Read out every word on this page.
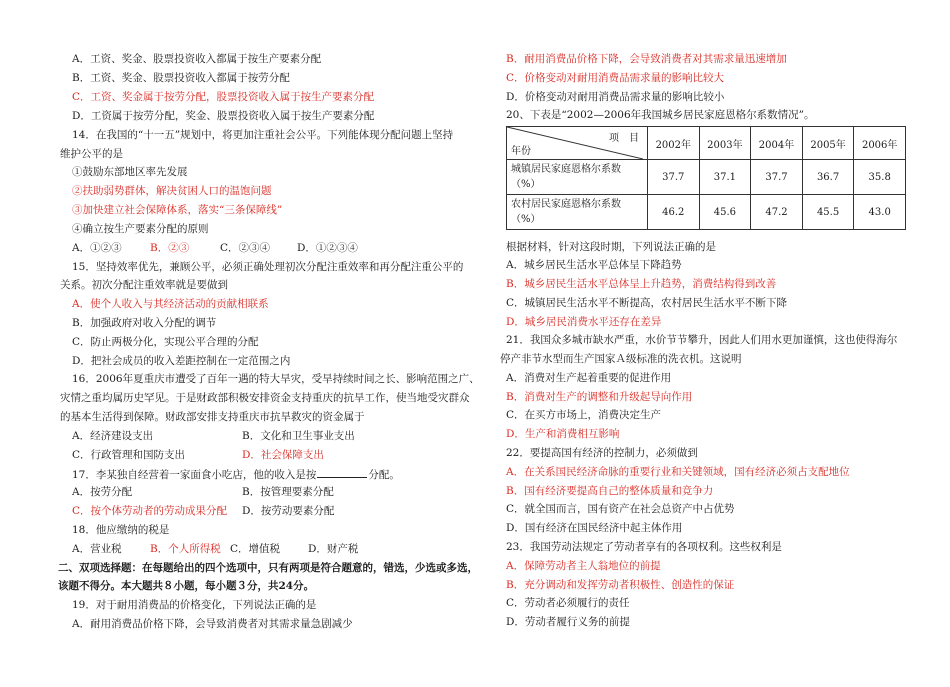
A．工资、奖金、股票投资收入都属于按生产要素分配
B．工资、奖金、股票投资收入都属于按劳分配
C．工资、奖金属于按劳分配，股票投资收入属于按生产要素分配
D．工资属于按劳分配，奖金、股票投资收入属于按生产要素分配
14．在我国的“十一五”规划中，将更加注重社会公平。下列能体现分配问题上坚持
维护公平的是
①鼓励东部地区率先发展
②扶助弱势群体，解决贫困人口的温饱问题
③加快建立社会保障体系，落实“三条保障线”
④确立按生产要素分配的原则
A．①②③	B．②③	C．②③④	D．①②③④
15．坚持效率优先，兼顾公平，必须正确处理初次分配注重效率和再分配注重公平的
关系。初次分配注重效率就是要做到
A．使个人收入与其经济活动的贡献相联系
B．加强政府对收入分配的调节
C．防止两极分化，实现公平合理的分配
D．把社会成员的收入差距控制在一定范围之内
16．2006年夏重庆市遭受了百年一遇的特大旱灾，受旱持续时间之长、影响范围之广、
灾情之重均属历史罕见。于是财政部积极安排资金支持重庆的抗旱工作，使当地受灾群众
的基本生活得到保障。财政部安排支持重庆市抗旱救灾的资金属于
A．经济建设支出	B．文化和卫生事业支出
C．行政管理和国防支出	D．社会保障支出
17．李某独自经营着一家面食小吃店，他的收入是按	分配。
A．按劳分配	B．按管理要素分配
C．按个体劳动者的劳动成果分配 D．按劳动要素分配
18．他应缴纳的税是
A．营业税	B．个人所得税 C．增值税	D．财产税
二、双项选择题：在每题给出的四个选项中，只有两项是符合题意的，错选，少选或多选，
该题不得分。本大题共８小题，每小题３分，共24分。
19．对于耐用消费品的价格变化，下列说法正确的是
A．耐用消费品价格下降，会导致消费者对其需求量急剧减少
B．耐用消费品价格下降，会导致消费者对其需求量迅速增加
C．价格变动对耐用消费品需求量的影响比较大
D．价格变动对耐用消费品需求量的影响比较小
20、下表是“2002—2006年我国城乡居民家庭恩格尔系数情况”。
项　目
年份	2002年	2003年	2004年	2005年	2006年

城镇居民家庭恩格尔系数
（%）	37.7	37.1	37.7	36.7	35.8

农村居民家庭恩格尔系数
（%）	46.2	45.6	47.2	45.5	43.0
根据材料，针对这段时期，下列说法正确的是
A．城乡居民生活水平总体呈下降趋势
B．城乡居民生活水平总体呈上升趋势，消费结构得到改善
C．城镇居民生活水平不断提高，农村居民生活水平不断下降
D．城乡居民消费水平还存在差异
21．我国众多城市缺水严重，水价节节攀升，因此人们用水更加谨慎，这也使得海尔
停产非节水型而生产国家Ａ级标准的洗衣机。这说明
A．消费对生产起着重要的促进作用
B．消费对生产的调整和升级起导向作用
C．在买方市场上，消费决定生产
D．生产和消费相互影响
22．要提高国有经济的控制力，必须做到
A．在关系国民经济命脉的重要行业和关键领域，国有经济必须占支配地位
B．国有经济要提高自己的整体质量和竞争力
C．就全国而言，国有资产在社会总资产中占优势
D．国有经济在国民经济中起主体作用
23．我国劳动法规定了劳动者享有的各项权利。这些权利是
A．保障劳动者主人翁地位的前提
B．充分调动和发挥劳动者积极性、创造性的保证
C．劳动者必须履行的责任
D．劳动者履行义务的前提
